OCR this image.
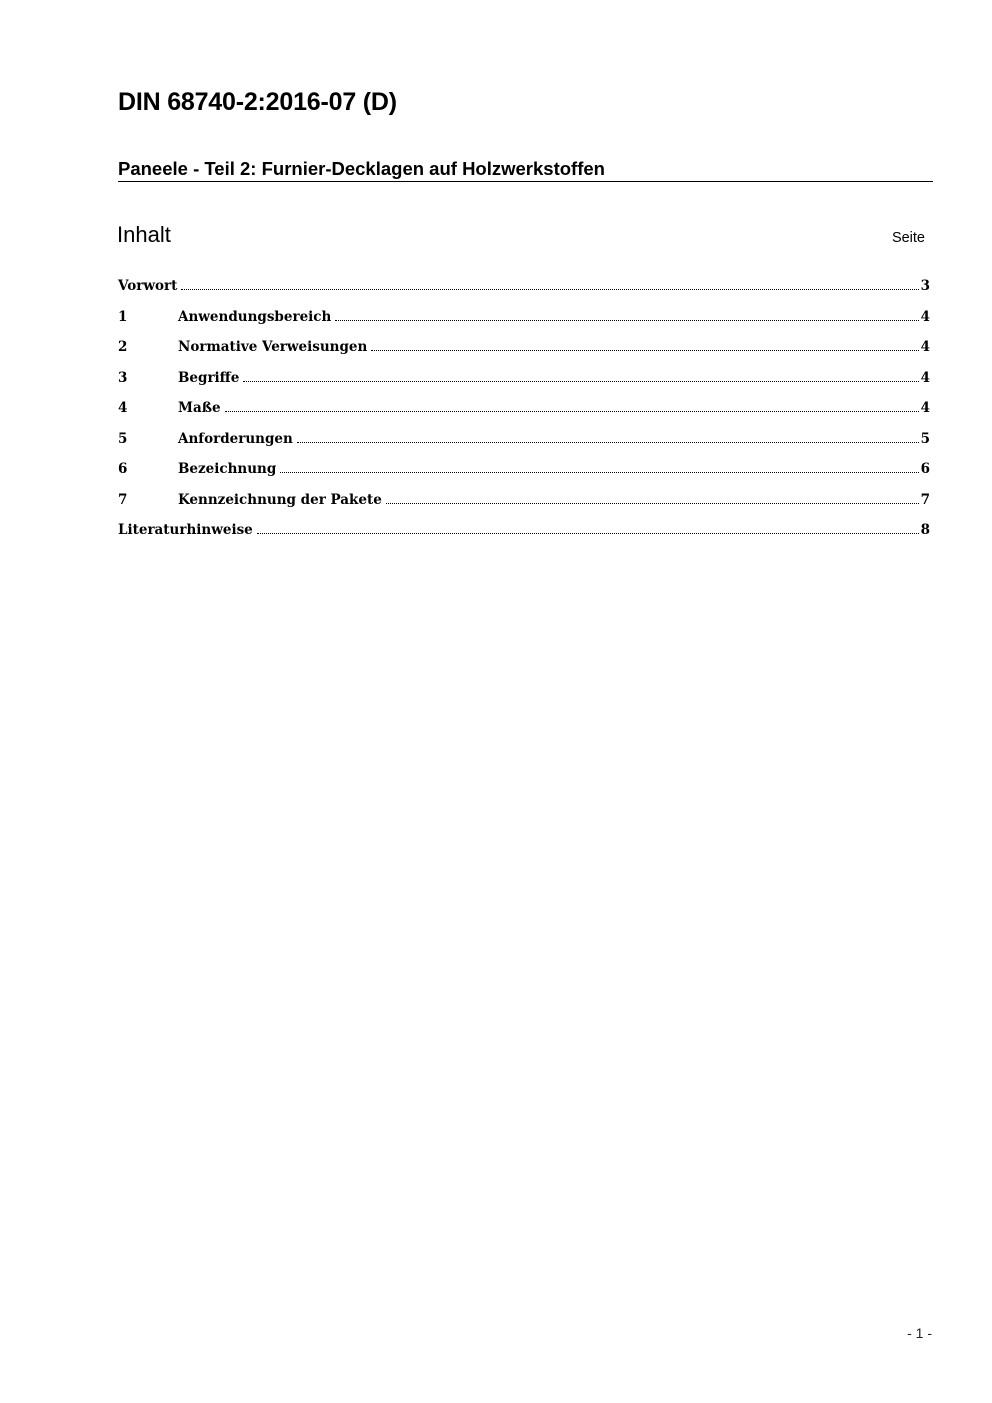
DIN 68740-2:2016-07 (D)
Paneele - Teil 2: Furnier-Decklagen auf Holzwerkstoffen
Inhalt	Seite
Vorwort	3
1	Anwendungsbereich	4
2	Normative Verweisungen	4
3	Begriffe	4
4	Maße	4
5	Anforderungen	5
6	Bezeichnung	6
7	Kennzeichnung der Pakete	7
Literaturhinweise	8
- 1 -
